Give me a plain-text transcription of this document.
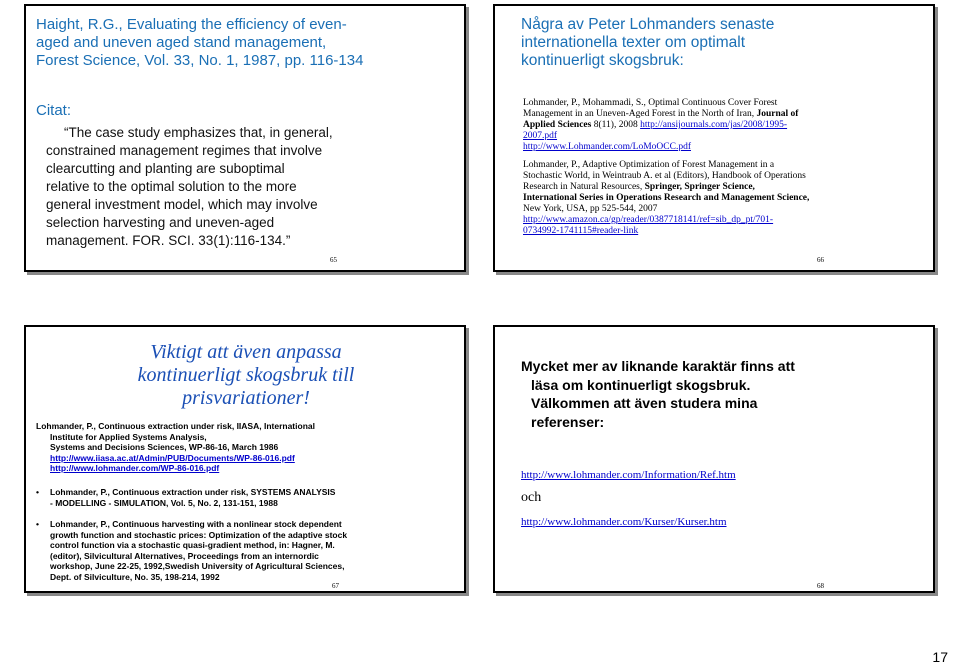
Haight, R.G., Evaluating the efficiency of even-
aged and uneven aged stand management,
Forest Science, Vol. 33, No. 1, 1987, pp. 116-134
Citat:
“The case study emphasizes that, in general,
constrained management regimes that involve
clearcutting and planting are suboptimal
relative to the optimal solution to the more
general investment model, which may involve
selection harvesting and uneven-aged
management. FOR. SCI. 33(1):116-134.”
65
Några av Peter Lohmanders senaste
internationella texter om optimalt
kontinuerligt skogsbruk:
Lohmander, P., Mohammadi, S., Optimal Continuous Cover Forest
Management in an Uneven-Aged Forest in the North of Iran, Journal of
Applied Sciences 8(11), 2008 http://ansijournals.com/jas/2008/1995-
2007.pdf
http://www.Lohmander.com/LoMoOCC.pdf
Lohmander, P., Adaptive Optimization of Forest Management in a
Stochastic World, in Weintraub A. et al (Editors), Handbook of Operations
Research in Natural Resources, Springer, Springer Science,
International Series in Operations Research and Management Science,
New York, USA, pp 525-544, 2007
http://www.amazon.ca/gp/reader/0387718141/ref=sib_dp_pt/701-
0734992-1741115#reader-link
66
Viktigt att även anpassa
kontinuerligt skogsbruk till
prisvariationer!
Lohmander, P., Continuous extraction under risk, IIASA, International
Institute for Applied Systems Analysis,
Systems and Decisions Sciences, WP-86-16, March 1986
http://www.iiasa.ac.at/Admin/PUB/Documents/WP-86-016.pdf
http://www.lohmander.com/WP-86-016.pdf
• Lohmander, P., Continuous extraction under risk, SYSTEMS ANALYSIS
- MODELLING - SIMULATION, Vol. 5, No. 2, 131-151, 1988
• Lohmander, P., Continuous harvesting with a nonlinear stock dependent
growth function and stochastic prices: Optimization of the adaptive stock
control function via a stochastic quasi-gradient method, in: Hagner, M.
(editor), Silvicultural Alternatives, Proceedings from an internordic
workshop, June 22-25, 1992,Swedish University of Agricultural Sciences,
Dept. of Silviculture, No. 35, 198-214, 1992
67
Mycket mer av liknande karaktär finns att
läsa om kontinuerligt skogsbruk.
Välkommen att även studera mina
referenser:
http://www.lohmander.com/Information/Ref.htm
och
http://www.lohmander.com/Kurser/Kurser.htm
68
17
